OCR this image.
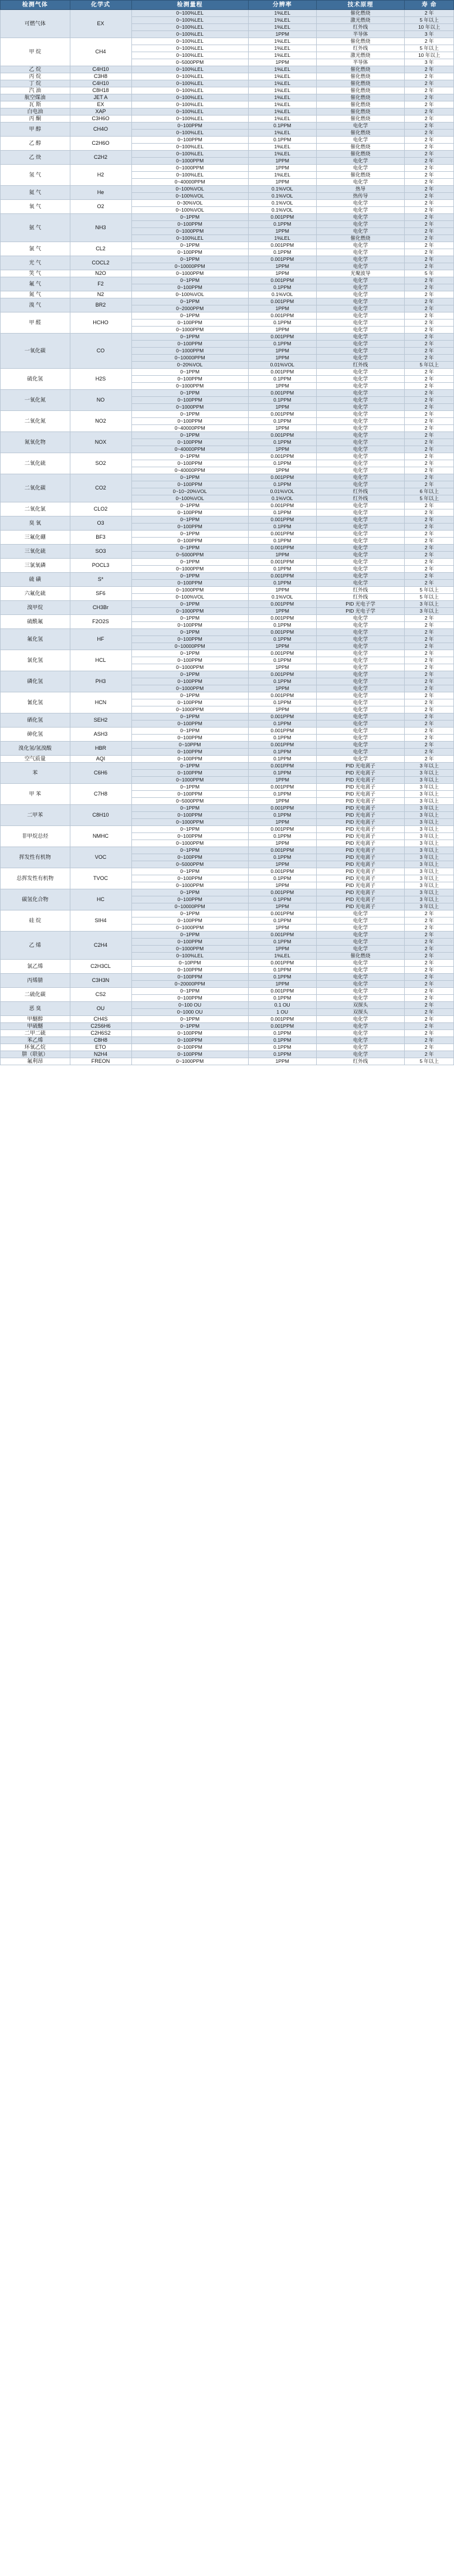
检测气体	化学式	检测量程	分辨率	技术原理	寿 命
可燃气体	EX	0~100%LEL	1%LEL	催化燃烧	2 年
		0~100%LEL	1%LEL	激光燃烧	5 年以上
		0~100%LEL	1%LEL	红外线	10 年以上
		0~100%LEL	1PPM	半导体	3 年
甲 烷	CH4	0~100%LEL	1%LEL	催化燃烧	2 年
		0~100%LEL	1%LEL	红外线	5 年以上
		0~100%LEL	1%LEL	激光燃烧	10 年以上
		0~5000PPM	1PPM	半导体	3 年
乙 烷	C4H10	0~100%LEL	1%LEL	催化燃烧	2 年
丙 烷	C3H8	0~100%LEL	1%LEL	催化燃烧	2 年
丁 烷	C4H10	0~100%LEL	1%LEL	催化燃烧	2 年
汽 油	C8H18	0~100%LEL	1%LEL	催化燃烧	2 年
航空煤油	JET A	0~100%LEL	1%LEL	催化燃烧	2 年
瓦 斯	EX	0~100%LEL	1%LEL	催化燃烧	2 年
白电油	XAP	0~100%LEL	1%LEL	催化燃烧	2 年
丙 酮	C3H6O	0~100%LEL	1%LEL	催化燃烧	2 年
甲 醇	CH4O	0~100PPM	0.1PPM	电化学	2 年
		0~100%LEL	1%LEL	催化燃烧	2 年
乙 醇	C2H6O	0~100PPM	0.1PPM	电化学	2 年
		0~100%LEL	1%LEL	催化燃烧	2 年
乙 炔	C2H2	0~100%LEL	1%LEL	催化燃烧	2 年
		0~1000PPM	1PPM	电化学	2 年
氢 气	H2	0~1000PPM	1PPM	电化学	2 年
		0~100%LEL	1%LEL	催化燃烧	2 年
		0~40000PPM	1PPM	电化学	2 年
氦 气	He	0~100%VOL	0.1%VOL	热导	2 年
		0~100%VOL	0.1%VOL	热传导	2 年
氧 气	O2	0~30%VOL	0.1%VOL	电化学	2 年
		0~100%VOL	0.1%VOL	电化学	2 年
氨 气	NH3	0~1PPM	0.001PPM	电化学	2 年
		0~100PPM	0.1PPM	电化学	2 年
		0~1000PPM	1PPM	电化学	2 年
		0~100%LEL	1%LEL	催化燃烧	2 年
氯 气	CL2	0~1PPM	0.001PPM	电化学	2 年
		0~100PPM	0.1PPM	电化学	2 年
光 气	COCL2	0~1PPM	0.001PPM	电化学	2 年
		0~10000PPM	1PPM	电化学	2 年
笑 气	N2O	0~1000PPM	1PPM	光聚波导	5 年
氟 气	F2	0~1PPM	0.001PPM	电化学	2 年
		0~100PPM	0.1PPM	电化学	2 年
氮 气	N2	0~100%VOL	0.1%VOL	电化学	2 年
溴 气	BR2	0~1PPM	0.001PPM	电化学	2 年
		0~2000PPM	1PPM	电化学	2 年
甲 醛	HCHO	0~1PPM	0.001PPM	电化学	2 年
		0~100PPM	0.1PPM	电化学	2 年
		0~1000PPM	1PPM	电化学	2 年
一氧化碳	CO	0~1PPM	0.001PPM	电化学	2 年
		0~100PPM	0.1PPM	电化学	2 年
		0~1000PPM	1PPM	电化学	2 年
		0~10000PPM	1PPM	电化学	2 年
		0~20%VOL	0.01%VOL	红外线	5 年以上
硫化氢	H2S	0~1PPM	0.001PPM	电化学	2 年
		0~100PPM	0.1PPM	电化学	2 年
		0~1000PPM	1PPM	电化学	2 年
一氧化氮	NO	0~1PPM	0.001PPM	电化学	2 年
		0~100PPM	0.1PPM	电化学	2 年
		0~1000PPM	1PPM	电化学	2 年
二氧化氮	NO2	0~1PPM	0.001PPM	电化学	2 年
		0~100PPM	0.1PPM	电化学	2 年
		0~40000PPM	1PPM	电化学	2 年
氮氧化物	NOX	0~1PPM	0.001PPM	电化学	2 年
		0~100PPM	0.1PPM	电化学	2 年
		0~40000PPM	1PPM	电化学	2 年
二氧化硫	SO2	0~1PPM	0.001PPM	电化学	2 年
		0~100PPM	0.1PPM	电化学	2 年
		0~40000PPM	1PPM	电化学	2 年
二氧化碳	CO2	0~1PPM	0.001PPM	电化学	2 年
		0~100PPM	0.1PPM	电化学	2 年
		0~10~20%VOL	0.01%VOL	红外线	6 年以上
		0~100%VOL	0.1%VOL	红外线	5 年以上
二氧化氯	CLO2	0~1PPM	0.001PPM	电化学	2 年
		0~100PPM	0.1PPM	电化学	2 年
臭 氧	O3	0~1PPM	0.001PPM	电化学	2 年
		0~100PPM	0.1PPM	电化学	2 年
三氟化硼	BF3	0~1PPM	0.001PPM	电化学	2 年
		0~100PPM	0.1PPM	电化学	2 年
三氧化硫	SO3	0~1PPM	0.001PPM	电化学	2 年
		0~5000PPM	1PPM	电化学	2 年
三氯氧磷	POCL3	0~1PPM	0.001PPM	电化学	2 年
		0~1000PPM	0.1PPM	电化学	2 年
硫 磺	S*	0~1PPM	0.001PPM	电化学	2 年
		0~100PPM	0.1PPM	电化学	2 年
六氟化硫	SF6	0~1000PPM	1PPM	红外线	5 年以上
		0~100%VOL	0.1%VOL	红外线	5 年以上
溴甲烷	CH3Br	0~1PPM	0.001PPM	PID 光电子学	3 年以上
		0~1000PPM	1PPM	PID 光电子学	3 年以上
硫酰氟	F2O2S	0~1PPM	0.001PPM	电化学	2 年
		0~100PPM	0.1PPM	电化学	2 年
氟化氢	HF	0~1PPM	0.001PPM	电化学	2 年
		0~100PPM	0.1PPM	电化学	2 年
		0~10000PPM	1PPM	电化学	2 年
氯化氢	HCL	0~1PPM	0.001PPM	电化学	2 年
		0~100PPM	0.1PPM	电化学	2 年
		0~1000PPM	1PPM	电化学	2 年
磷化氢	PH3	0~1PPM	0.001PPM	电化学	2 年
		0~100PPM	0.1PPM	电化学	2 年
		0~1000PPM	1PPM	电化学	2 年
氰化氢	HCN	0~1PPM	0.001PPM	电化学	2 年
		0~100PPM	0.1PPM	电化学	2 年
		0~1000PPM	1PPM	电化学	2 年
硒化氢	SEH2	0~1PPM	0.001PPM	电化学	2 年
		0~100PPM	0.1PPM	电化学	2 年
砷化氢	ASH3	0~1PPM	0.001PPM	电化学	2 年
		0~100PPM	0.1PPM	电化学	2 年
溴化氢/氢溴酸	HBR	0~10PPM	0.001PPM	电化学	2 年
		0~100PPM	0.1PPM	电化学	2 年
空气质量	AQI	0~100PPM	0.1PPM	电化学	2 年
苯	C6H6	0~1PPM	0.001PPM	PID 光电离子	3 年以上
		0~100PPM	0.1PPM	PID 光电离子	3 年以上
		0~1000PPM	1PPM	PID 光电离子	3 年以上
甲 苯	C7H8	0~1PPM	0.001PPM	PID 光电离子	3 年以上
		0~100PPM	0.1PPM	PID 光电离子	3 年以上
		0~5000PPM	1PPM	PID 光电离子	3 年以上
二甲苯	C8H10	0~1PPM	0.001PPM	PID 光电离子	3 年以上
		0~100PPM	0.1PPM	PID 光电离子	3 年以上
		0~1000PPM	1PPM	PID 光电离子	3 年以上
非甲烷总烃	NMHC	0~1PPM	0.001PPM	PID 光电离子	3 年以上
		0~100PPM	0.1PPM	PID 光电离子	3 年以上
		0~1000PPM	1PPM	PID 光电离子	3 年以上
挥发性有机物	VOC	0~1PPM	0.001PPM	PID 光电离子	3 年以上
		0~100PPM	0.1PPM	PID 光电离子	3 年以上
		0~5000PPM	1PPM	PID 光电离子	3 年以上
总挥发性有机物	TVOC	0~1PPM	0.001PPM	PID 光电离子	3 年以上
		0~100PPM	0.1PPM	PID 光电离子	3 年以上
		0~1000PPM	1PPM	PID 光电离子	3 年以上
碳氢化合物	HC	0~1PPM	0.001PPM	PID 光电离子	3 年以上
		0~100PPM	0.1PPM	PID 光电离子	3 年以上
		0~10000PPM	1PPM	PID 光电离子	3 年以上
硅 烷	SIH4	0~1PPM	0.001PPM	电化学	2 年
		0~100PPM	0.1PPM	电化学	2 年
		0~1000PPM	1PPM	电化学	2 年
乙 烯	C2H4	0~1PPM	0.001PPM	电化学	2 年
		0~100PPM	0.1PPM	电化学	2 年
		0~1000PPM	1PPM	电化学	2 年
		0~100%LEL	1%LEL	催化燃烧	2 年
氯乙烯	C2H3CL	0~10PPM	0.001PPM	电化学	2 年
		0~100PPM	0.1PPM	电化学	2 年
丙烯腈	C3H3N	0~100PPM	0.1PPM	电化学	2 年
		0~20000PPM	1PPM	电化学	2 年
二硫化碳	CS2	0~1PPM	0.001PPM	电化学	2 年
		0~100PPM	0.1PPM	电化学	2 年
恶 臭	OU	0~100 OU	0.1 OU	双探头	2 年
		0~1000 OU	1 OU	双探头	2 年
甲醚醇	CH4S	0~1PPM	0.001PPM	电化学	2 年
甲硫醚	C2S6H6	0~1PPM	0.001PPM	电化学	2 年
二甲二硫	C2H6S2	0~100PPM	0.1PPM	电化学	2 年
苯乙烯	C8H8	0~100PPM	0.1PPM	电化学	2 年
环氧乙烷	ETO	0~100PPM	0.1PPM	电化学	2 年
肼（联氨）	N2H4	0~100PPM	0.1PPM	电化学	2 年
氟利昂	FREON	0~1000PPM	1PPM	红外线	5 年以上
